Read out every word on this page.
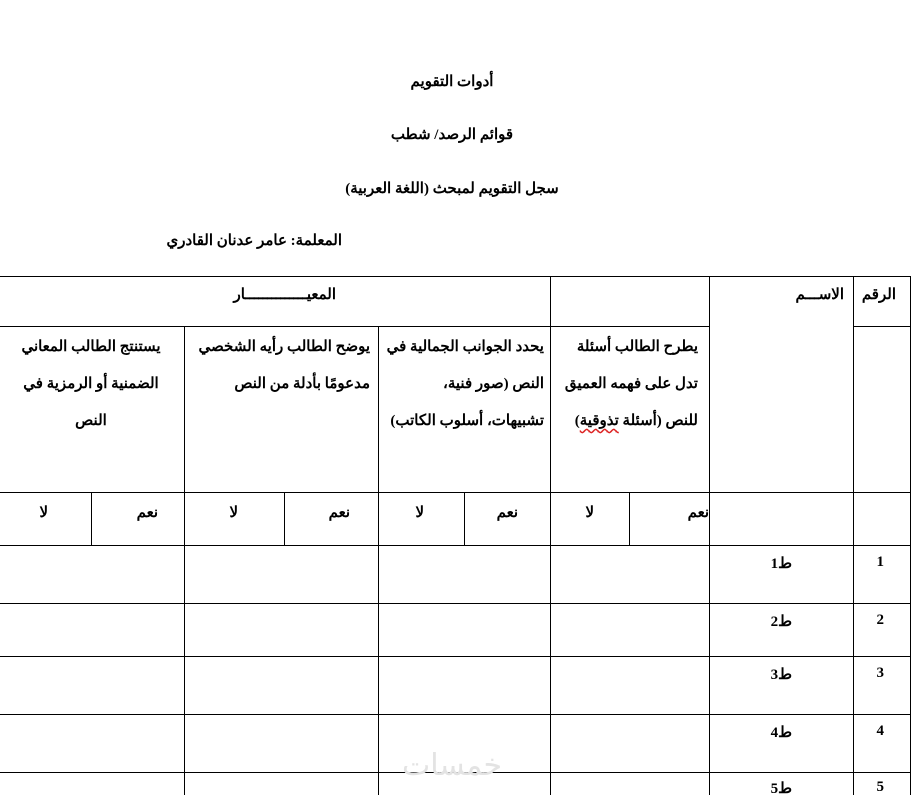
أدوات التقويم
قوائم الرصد/ شطب
سجل التقويم لمبحث (اللغة العربية)
المعلمة: عامر عدنان القادري
الرقم
الاســـم
المعيــــــــــــــار
يطرح الطالب أسئلة
تدل على فهمه العميق
للنص (أسئلة تذوقية)
يحدد الجوانب الجمالية في النص (صور فنية، تشبيهات، أسلوب الكاتب)
يوضح الطالب رأيه الشخصي مدعومًا بأدلة من النص
يستنتج الطالب المعاني الضمنية أو الرمزية في النص
نعم
لا
نعم
لا
نعم
لا
نعم
لا
1
ط1
2
ط2
3
ط3
4
ط4
5
ط5
خمسات
